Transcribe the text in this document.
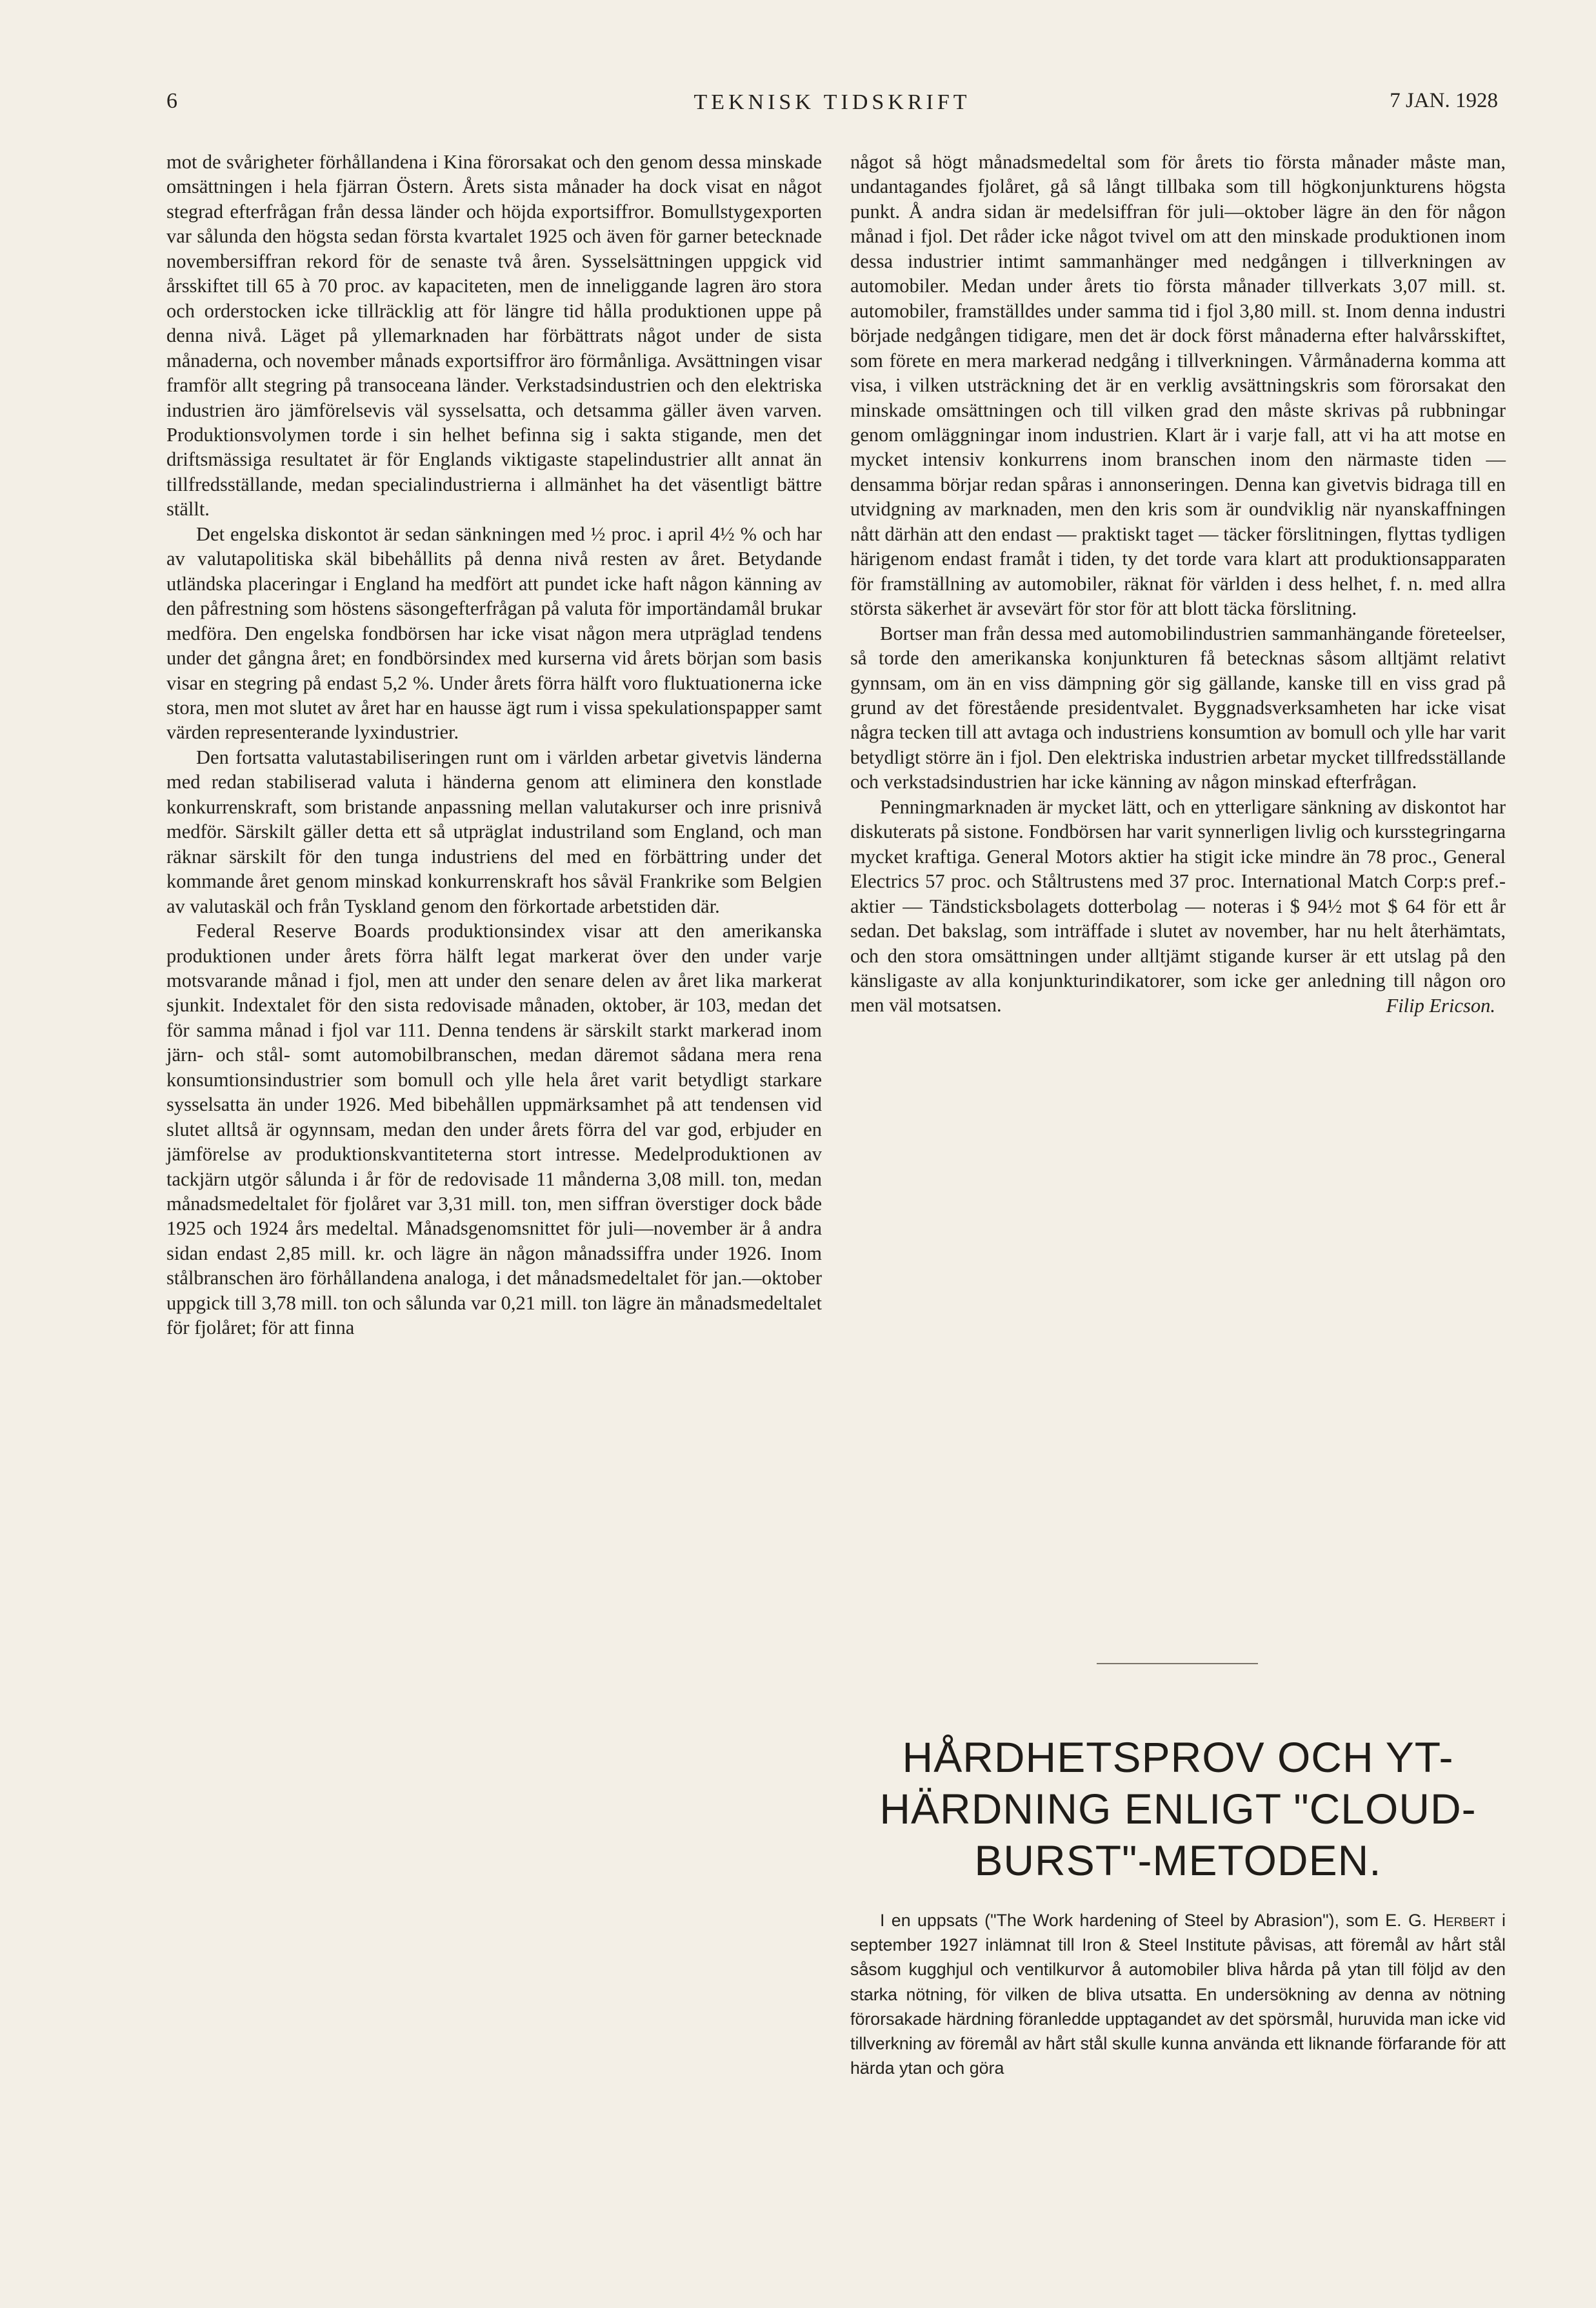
6	TEKNISK TIDSKRIFT	7 JAN. 1928

mot de svårigheter förhållandena i Kina förorsakat och den genom dessa minskade omsättningen i hela fjärran Östern. Årets sista månader ha dock visat en något stegrad efterfrågan från dessa länder och höjda exportsiffror. Bomullstygexporten var sålunda den högsta sedan första kvartalet 1925 och även för garner betecknade novembersiffran rekord för de senaste två åren. Sysselsättningen uppgick vid årsskiftet till 65 à 70 proc. av kapaciteten, men de inneliggande lagren äro stora och orderstocken icke tillräcklig att för längre tid hålla produktionen uppe på denna nivå. Läget på yllemarknaden har förbättrats något under de sista månaderna, och november månads exportsiffror äro förmånliga. Avsättningen visar framför allt stegring på transoceana länder. Verkstadsindustrien och den elektriska industrien äro jämförelsevis väl sysselsatta, och detsamma gäller även varven. Produktionsvolymen torde i sin helhet befinna sig i sakta stigande, men det driftsmässiga resultatet är för Englands viktigaste stapelindustrier allt annat än tillfredsställande, medan specialindustrierna i allmänhet ha det väsentligt bättre ställt.

Det engelska diskontot är sedan sänkningen med ½ proc. i april 4½ % och har av valutapolitiska skäl bibehållits på denna nivå resten av året. Betydande utländska placeringar i England ha medfört att pundet icke haft någon känning av den påfrestning som höstens säsongefterfrågan på valuta för importändamål brukar medföra. Den engelska fondbörsen har icke visat någon mera utpräglad tendens under det gångna året; en fondbörsindex med kurserna vid årets början som basis visar en stegring på endast 5,2 %. Under årets förra hälft voro fluktuationerna icke stora, men mot slutet av året har en hausse ägt rum i vissa spekulationspapper samt värden representerande lyxindustrier.

Den fortsatta valutastabiliseringen runt om i världen arbetar givetvis länderna med redan stabiliserad valuta i händerna genom att eliminera den konstlade konkurrenskraft, som bristande anpassning mellan valutakurser och inre prisnivå medför. Särskilt gäller detta ett så utpräglat industriland som England, och man räknar särskilt för den tunga industriens del med en förbättring under det kommande året genom minskad konkurrenskraft hos såväl Frankrike som Belgien av valutaskäl och från Tyskland genom den förkortade arbetstiden där.

Federal Reserve Boards produktionsindex visar att den amerikanska produktionen under årets förra hälft legat markerat över den under varje motsvarande månad i fjol, men att under den senare delen av året lika markerat sjunkit. Indextalet för den sista redovisade månaden, oktober, är 103, medan det för samma månad i fjol var 111. Denna tendens är särskilt starkt markerad inom järn- och stål- somt automobilbranschen, medan däremot sådana mera rena konsumtionsindustrier som bomull och ylle hela året varit betydligt starkare sysselsatta än under 1926. Med bibehållen uppmärksamhet på att tendensen vid slutet alltså är ogynnsam, medan den under årets förra del var god, erbjuder en jämförelse av produktionskvantiteterna stort intresse. Medelproduktionen av tackjärn utgör sålunda i år för de redovisade 11 månderna 3,08 mill. ton, medan månadsmedeltalet för fjolåret var 3,31 mill. ton, men siffran överstiger dock både 1925 och 1924 års medeltal. Månadsgenomsnittet för juli—november är å andra sidan endast 2,85 mill. kr. och lägre än någon månadssiffra under 1926. Inom stålbranschen äro förhållandena analoga, i det månadsmedeltalet för jan.—oktober uppgick till 3,78 mill. ton och sålunda var 0,21 mill. ton lägre än månadsmedeltalet för fjolåret; för att finna

något så högt månadsmedeltal som för årets tio första månader måste man, undantagandes fjolåret, gå så långt tillbaka som till högkonjunkturens högsta punkt. Å andra sidan är medelsiffran för juli—oktober lägre än den för någon månad i fjol. Det råder icke något tvivel om att den minskade produktionen inom dessa industrier intimt sammanhänger med nedgången i tillverkningen av automobiler. Medan under årets tio första månader tillverkats 3,07 mill. st. automobiler, framställdes under samma tid i fjol 3,80 mill. st. Inom denna industri började nedgången tidigare, men det är dock först månaderna efter halvårsskiftet, som förete en mera markerad nedgång i tillverkningen. Vårmånaderna komma att visa, i vilken utsträckning det är en verklig avsättningskris som förorsakat den minskade omsättningen och till vilken grad den måste skrivas på rubbningar genom omläggningar inom industrien. Klart är i varje fall, att vi ha att motse en mycket intensiv konkurrens inom branschen inom den närmaste tiden — densamma börjar redan spåras i annonseringen. Denna kan givetvis bidraga till en utvidgning av marknaden, men den kris som är oundviklig när nyanskaffningen nått därhän att den endast — praktiskt taget — täcker förslitningen, flyttas tydligen härigenom endast framåt i tiden, ty det torde vara klart att produktionsapparaten för framställning av automobiler, räknat för världen i dess helhet, f. n. med allra största säkerhet är avsevärt för stor för att blott täcka förslitning.

Bortser man från dessa med automobilindustrien sammanhängande företeelser, så torde den amerikanska konjunkturen få betecknas såsom alltjämt relativt gynnsam, om än en viss dämpning gör sig gällande, kanske till en viss grad på grund av det förestående presidentvalet. Byggnadsverksamheten har icke visat några tecken till att avtaga och industriens konsumtion av bomull och ylle har varit betydligt större än i fjol. Den elektriska industrien arbetar mycket tillfredsställande och verkstadsindustrien har icke känning av någon minskad efterfrågan.

Penningmarknaden är mycket lätt, och en ytterligare sänkning av diskontot har diskuterats på sistone. Fondbörsen har varit synnerligen livlig och kursstegringarna mycket kraftiga. General Motors aktier ha stigit icke mindre än 78 proc., General Electrics 57 proc. och Ståltrustens med 37 proc. International Match Corp:s pref.-aktier — Tändsticksbolagets dotterbolag — noteras i $ 94½ mot $ 64 för ett år sedan. Det bakslag, som inträffade i slutet av november, har nu helt återhämtats, och den stora omsättningen under alltjämt stigande kurser är ett utslag på den känsligaste av alla konjunkturindikatorer, som icke ger anledning till någon oro men väl motsatsen.	Filip Ericson.
HÅRDHETSPROV OCH YT-
HÄRDNING ENLIGT "CLOUD-
BURST"-METODEN.

I en uppsats ("The Work hardening of Steel by Abrasion"), som E. G. Herbert i september 1927 inlämnat till Iron & Steel Institute påvisas, att föremål av hårt stål såsom kugghjul och ventilkurvor å automobiler bliva hårda på ytan till följd av den starka nötning, för vilken de bliva utsatta. En undersökning av denna av nötning förorsakade härdning föranledde upptagandet av det spörsmål, huruvida man icke vid tillverkning av föremål av hårt stål skulle kunna använda ett liknande förfarande för att härda ytan och göra
